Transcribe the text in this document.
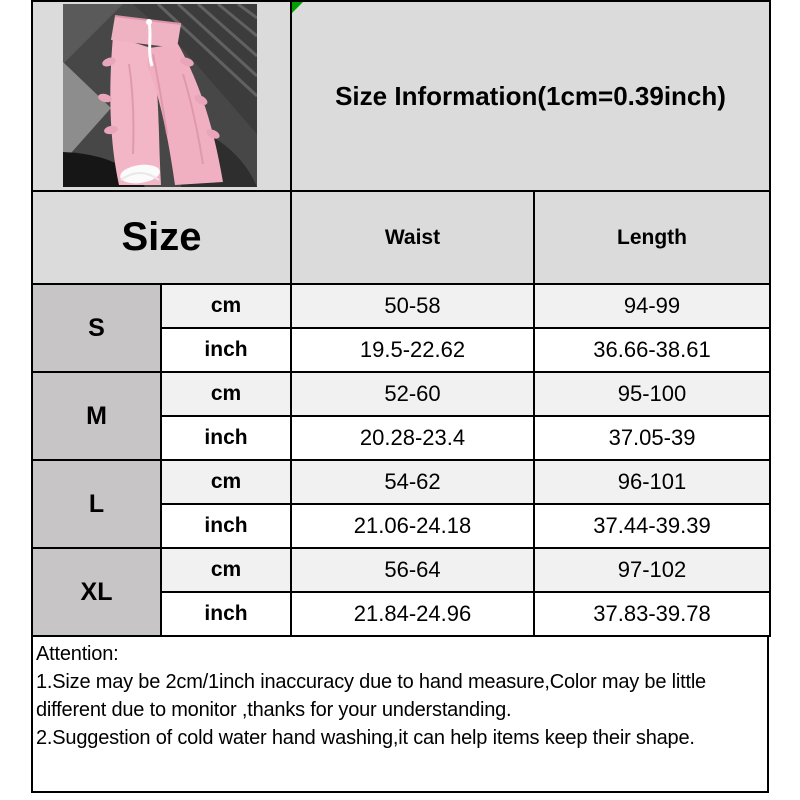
Size Information(1cm=0.39inch)	
Size		Waist	Length
S	cm	50-58	94-99
	inch	19.5-22.62	36.66-38.61
M	cm	52-60	95-100
	inch	20.28-23.4	37.05-39
L	cm	54-62	96-101
	inch	21.06-24.18	37.44-39.39
XL	cm	56-64	97-102
	inch	21.84-24.96	37.83-39.78
Attention:
1.Size may be 2cm/1inch inaccuracy due to hand measure,Color may be little
different due to monitor ,thanks for your understanding.
2.Suggestion of cold water hand washing,it can help items keep their shape.
